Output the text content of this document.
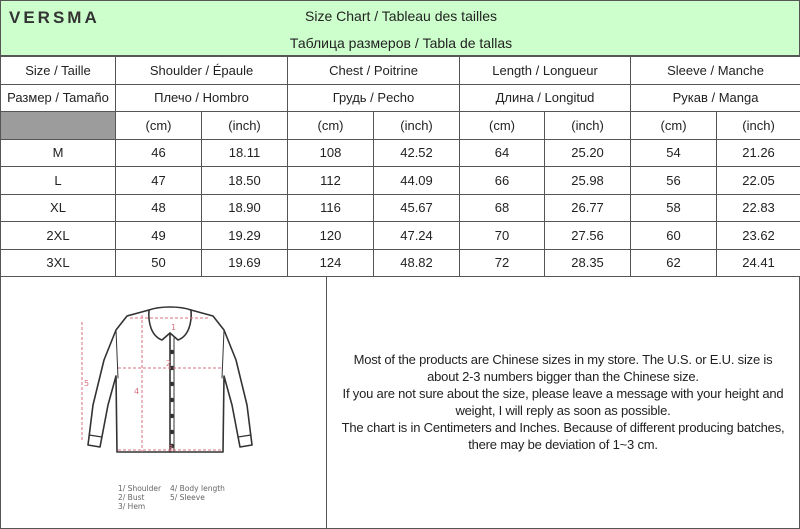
VERSMA	Size Chart / Tableau des tailles
Таблица размеров / Tabla de tallas
Size / Taille	Shoulder / Épaule		Chest / Poitrine		Length / Longueur		Sleeve / Manche	
Размер / Tamaño	Плечо / Hombro		Грудь / Pecho		Длина / Longitud		Рукав / Manga	
	(cm)	(inch)	(cm)	(inch)	(cm)	(inch)	(cm)	(inch)
M	46	18.11	108	42.52	64	25.20	54	21.26
L	47	18.50	112	44.09	66	25.98	56	22.05
XL	48	18.90	116	45.67	68	26.77	58	22.83
2XL	49	19.29	120	47.24	70	27.56	60	23.62
3XL	50	19.69	124	48.82	72	28.35	62	24.41
1
2
3
4
5
1/ Shoulder
2/ Bust
3/ Hem
4/ Body length
5/ Sleeve
Most of the products are Chinese sizes in my store. The U.S. or E.U. size is
about 2-3 numbers bigger than the Chinese size.
If you are not sure about the size, please leave a message with your height and
weight, I will reply as soon as possible.
The chart is in Centimeters and Inches. Because of different producing batches,
there may be deviation of 1~3 cm.
